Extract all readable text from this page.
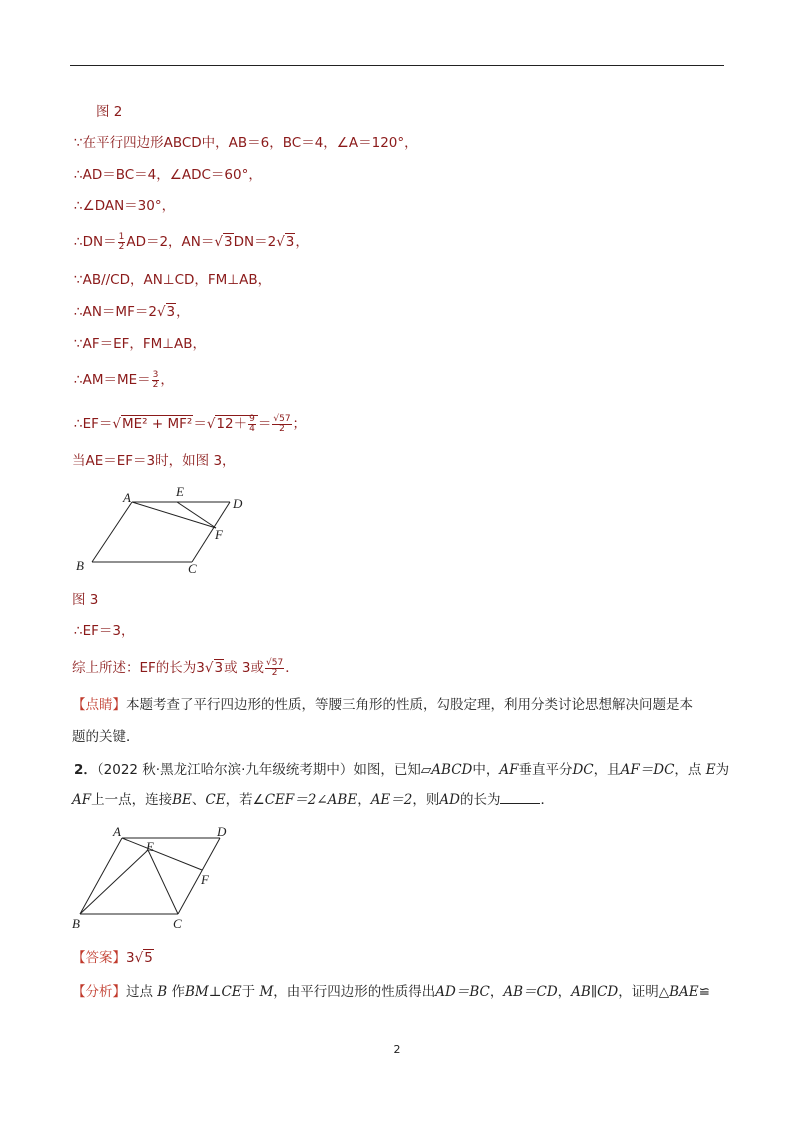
图 2
∵在平行四边形ABCD中，AB＝6，BC＝4，∠A＝120°，
∴AD＝BC＝4，∠ADC＝60°，
∴∠DAN＝30°，
∴DN＝ $\frac{1}{2} AD=2$，AN＝√3DN＝2√3，
∵AB//CD，AN⊥CD，FM⊥AB，
∴AN＝MF＝2√3，
∵AF＝EF，FM⊥AB，
∴AM＝ME＝ $\frac{3}{2}$ ，
∴EF＝√ME² + $MF^2=√12+ \frac{9}{4} = \frac{√57}{2}$ ；
当AE＝EF＝3时，如图 3，
A	E
D
F
B	C
图 3
∴EF＝3，
综上所述：EF的长为3√3或 3或 $\frac{√57}{2}$ ．
【点睛】本题考查了平行四边形的性质，等腰三角形的性质，勾股定理，利用分类讨论思想解决问题是本
题的关键．
2．（2022 秋·黑龙江哈尔滨·九年级统考期中）如图，已知▱ABCD中，AF垂直平分DC，且AF＝DC，点 E为
AF上一点，连接BE、CE，若∠CEF＝2∠ABE，AE＝2，则AD的长为	．
A
E
D
F
B	C
【答案】3√5
【分析】过点 B 作BM⊥CE于 M，由平行四边形的性质得出AD＝BC，AB＝CD，AB∥CD，证明△BAE≌
2
